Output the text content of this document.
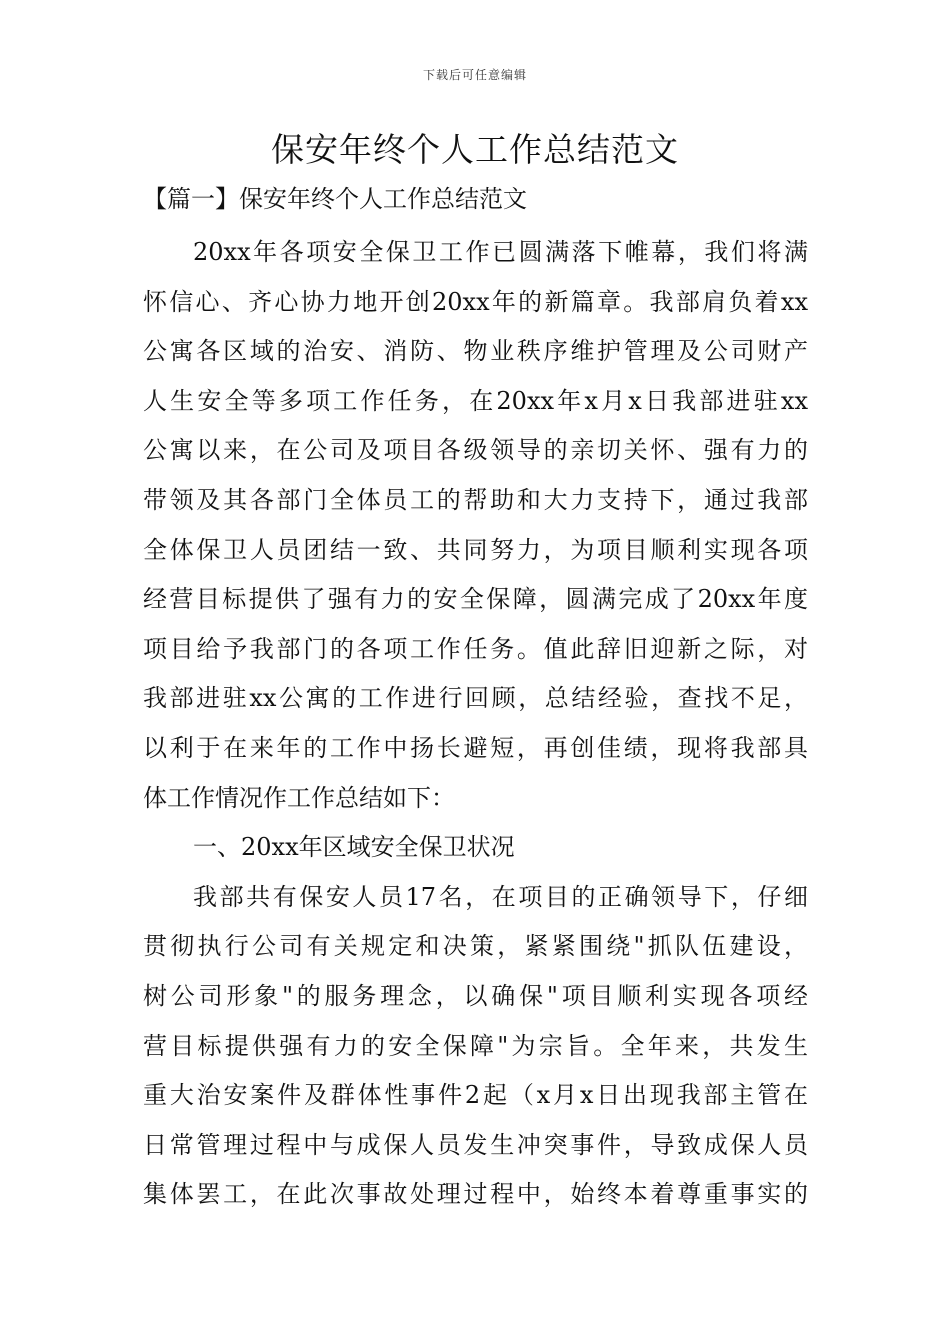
下载后可任意编辑
保安年终个人工作总结范文
【篇一】保安年终个人工作总结范文
20xx年各项安全保卫工作已圆满落下帷幕，我们将满
怀信心、齐心协力地开创20xx年的新篇章。我部肩负着xx
公寓各区域的治安、消防、物业秩序维护管理及公司财产
人生安全等多项工作任务，在20xx年x月x日我部进驻xx
公寓以来，在公司及项目各级领导的亲切关怀、强有力的
带领及其各部门全体员工的帮助和大力支持下，通过我部
全体保卫人员团结一致、共同努力，为项目顺利实现各项
经营目标提供了强有力的安全保障，圆满完成了20xx年度
项目给予我部门的各项工作任务。值此辞旧迎新之际，对
我部进驻xx公寓的工作进行回顾，总结经验，查找不足，
以利于在来年的工作中扬长避短，再创佳绩，现将我部具
体工作情况作工作总结如下：
一、20xx年区域安全保卫状况
我部共有保安人员17名，在项目的正确领导下，仔细
贯彻执行公司有关规定和决策，紧紧围绕"抓队伍建设，
树公司形象"的服务理念，以确保"项目顺利实现各项经
营目标提供强有力的安全保障"为宗旨。全年来，共发生
重大治安案件及群体性事件2起（x月x日出现我部主管在
日常管理过程中与成保人员发生冲突事件，导致成保人员
集体罢工，在此次事故处理过程中，始终本着尊重事实的
